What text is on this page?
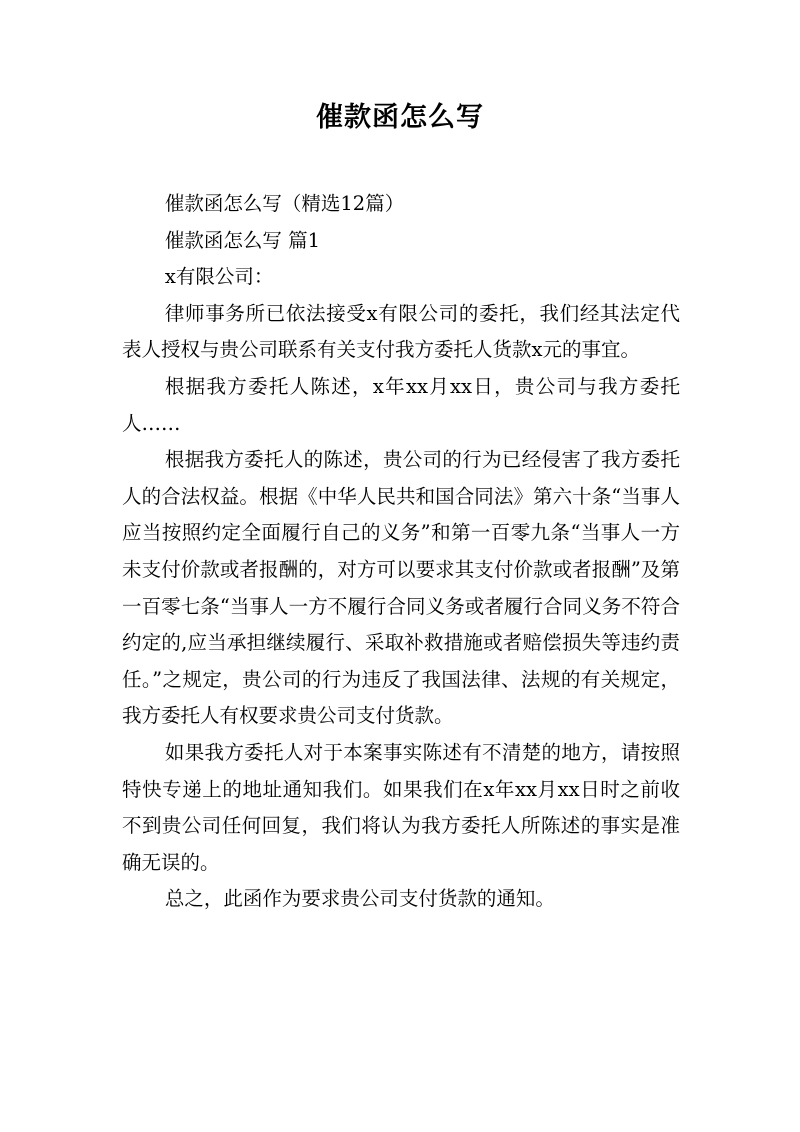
催款函怎么写

催款函怎么写（精选12篇）

催款函怎么写 篇1

x有限公司：

律师事务所已依法接受x有限公司的委托，我们经其法定代表人授权与贵公司联系有关支付我方委托人货款x元的事宜。

根据我方委托人陈述，x年xx月xx日，贵公司与我方委托人……

根据我方委托人的陈述，贵公司的行为已经侵害了我方委托人的合法权益。根据《中华人民共和国合同法》第六十条“当事人应当按照约定全面履行自己的义务”和第一百零九条“当事人一方未支付价款或者报酬的，对方可以要求其支付价款或者报酬”及第一百零七条“当事人一方不履行合同义务或者履行合同义务不符合约定的,应当承担继续履行、采取补救措施或者赔偿损失等违约责任。”之规定，贵公司的行为违反了我国法律、法规的有关规定，我方委托人有权要求贵公司支付货款。

如果我方委托人对于本案事实陈述有不清楚的地方，请按照特快专递上的地址通知我们。如果我们在x年xx月xx日时之前收不到贵公司任何回复，我们将认为我方委托人所陈述的事实是准确无误的。

总之，此函作为要求贵公司支付货款的通知。
